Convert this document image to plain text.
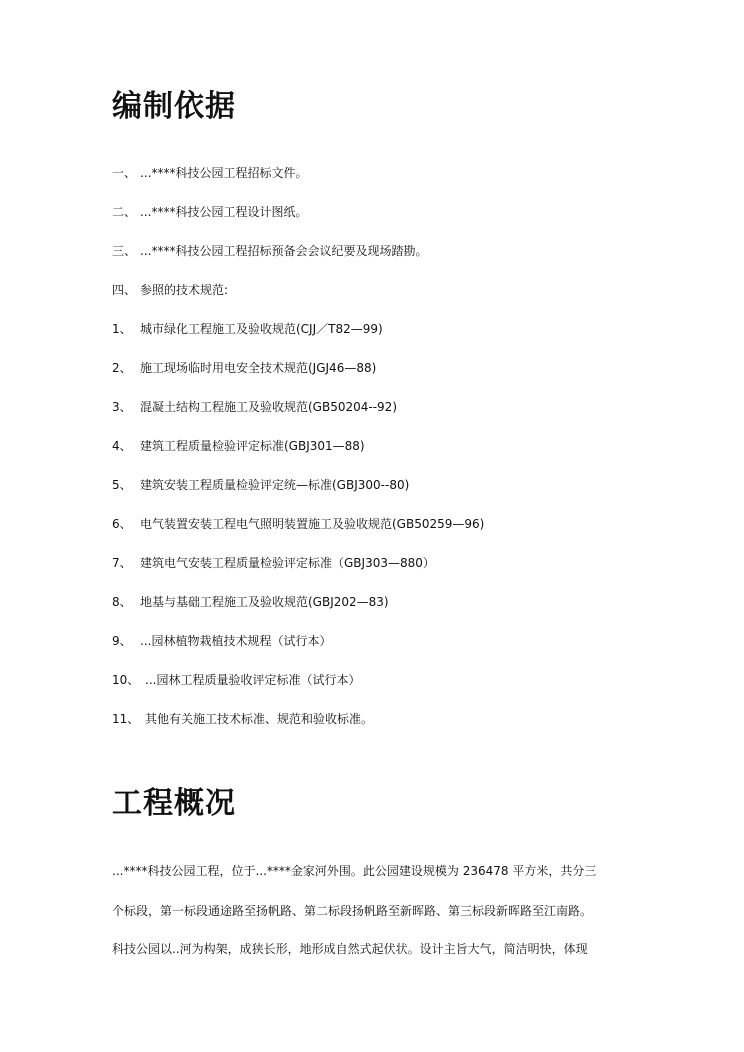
编制依据
一、 ...****科技公园工程招标文件。
二、 ...****科技公园工程设计图纸。
三、 ...****科技公园工程招标预备会会议纪要及现场踏勘。
四、 参照的技术规范:
1、 城市绿化工程施工及验收规范(CJJ／T82—99)
2、 施工现场临时用电安全技术规范(JGJ46—88)
3、 混凝土结构工程施工及验收规范(GB50204--92)
4、 建筑工程质量检验评定标准(GBJ301—88)
5、 建筑安装工程质量检验评定统—标准(GBJ300--80)
6、 电气装置安装工程电气照明装置施工及验收规范(GB50259—96)
7、 建筑电气安装工程质量检验评定标准（GBJ303—880）
8、 地基与基础工程施工及验收规范(GBJ202—83)
9、 ...园林植物栽植技术规程（试行本）
10、 ...园林工程质量验收评定标准（试行本）
11、 其他有关施工技术标准、规范和验收标准。
工程概况
...****科技公园工程，位于...****金家河外围。此公园建设规模为 236478 平方米，共分三
个标段，第一标段通途路至扬帆路、第二标段扬帆路至新晖路、第三标段新晖路至江南路。
科技公园以..河为构架，成狭长形，地形成自然式起伏状。设计主旨大气，简洁明快，体现
